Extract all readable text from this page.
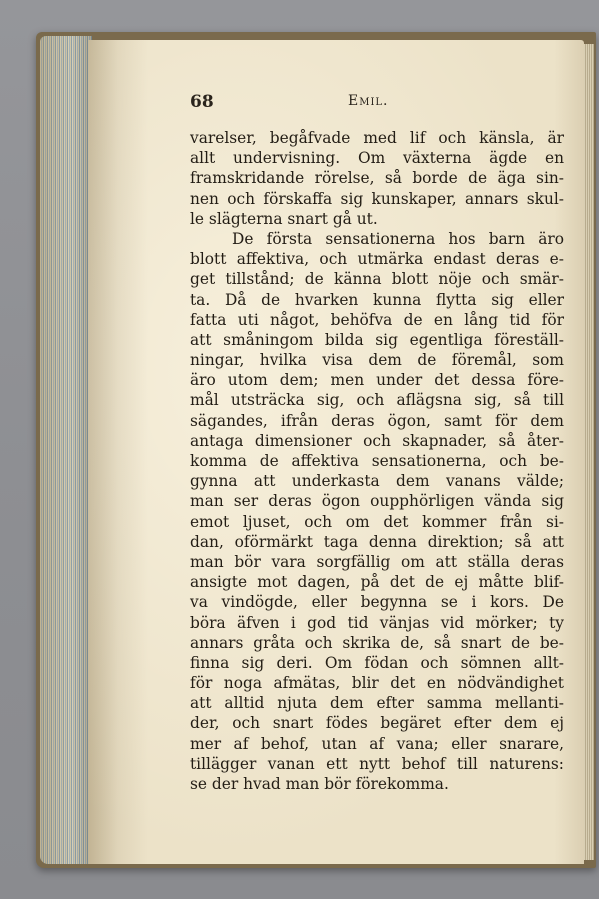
68	Emil.
varelser, begåfvade med lif och känsla, är
allt undervisning. Om växterna ägde en
framskridande rörelse, så borde de äga sin-
nen och förskaffa sig kunskaper, annars skul-
le slägterna snart gå ut.
De första sensationerna hos barn äro
blott affektiva, och utmärka endast deras e-
get tillstånd; de känna blott nöje och smär-
ta. Då de hvarken kunna flytta sig eller
fatta uti något, behöfva de en lång tid för
att småningom bilda sig egentliga föreställ-
ningar, hvilka visa dem de föremål, som
äro utom dem; men under det dessa före-
mål utsträcka sig, och aflägsna sig, så till
sägandes, ifrån deras ögon, samt för dem
antaga dimensioner och skapnader, så åter-
komma de affektiva sensationerna, och be-
gynna att underkasta dem vanans välde;
man ser deras ögon oupphörligen vända sig
emot ljuset, och om det kommer från si-
dan, oförmärkt taga denna direktion; så att
man bör vara sorgfällig om att ställa deras
ansigte mot dagen, på det de ej måtte blif-
va vindögde, eller begynna se i kors. De
böra äfven i god tid vänjas vid mörker; ty
annars gråta och skrika de, så snart de be-
finna sig deri. Om födan och sömnen allt-
för noga afmätas, blir det en nödvändighet
att alltid njuta dem efter samma mellanti-
der, och snart födes begäret efter dem ej
mer af behof, utan af vana; eller snarare,
tillägger vanan ett nytt behof till naturens:
se der hvad man bör förekomma.
